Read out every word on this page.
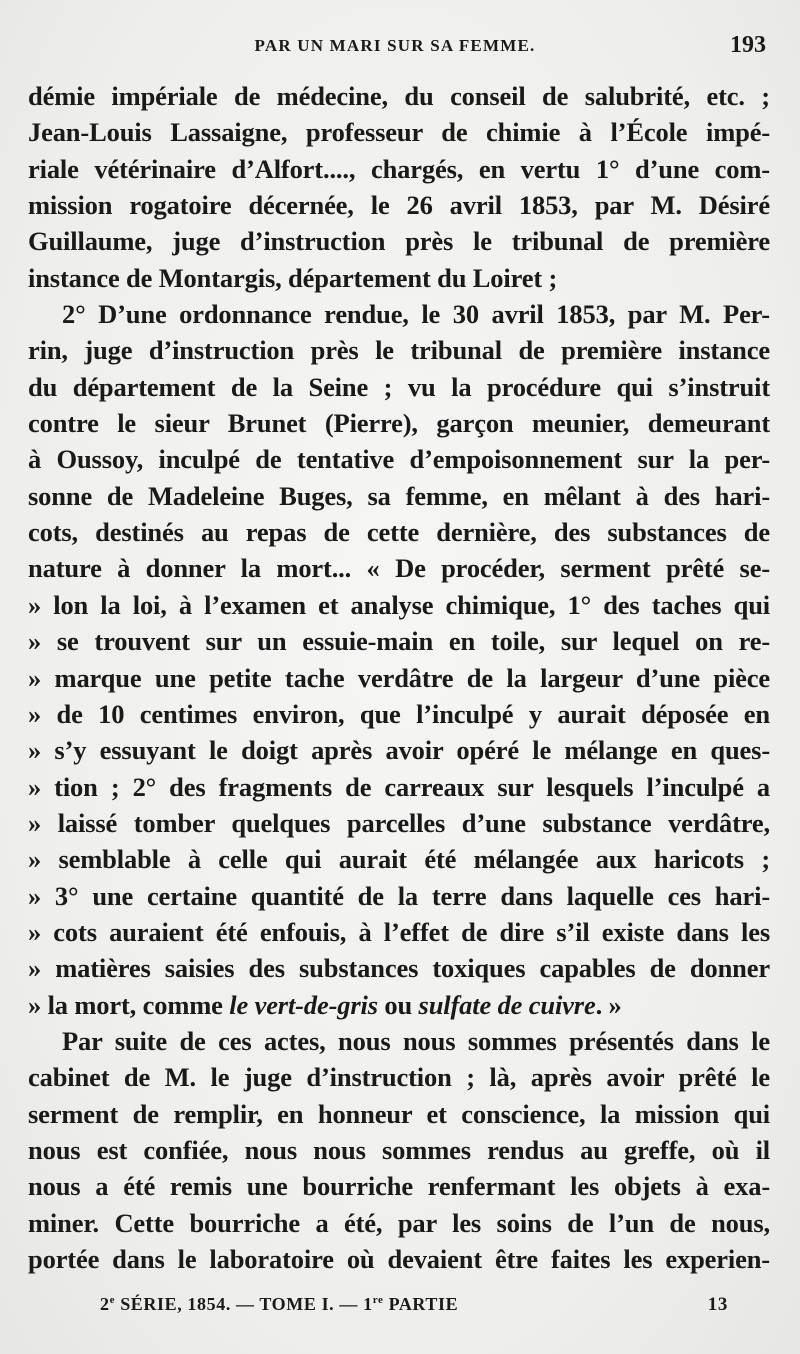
PAR UN MARI SUR SA FEMME.	193
démie impériale de médecine, du conseil de salubrité, etc. ;
Jean-Louis Lassaigne, professeur de chimie à l’École impé-
riale vétérinaire d’Alfort...., chargés, en vertu 1° d’une com-
mission rogatoire décernée, le 26 avril 1853, par M. Désiré
Guillaume, juge d’instruction près le tribunal de première
instance de Montargis, département du Loiret ;
2° D’une ordonnance rendue, le 30 avril 1853, par M. Per-
rin, juge d’instruction près le tribunal de première instance
du département de la Seine ; vu la procédure qui s’instruit
contre le sieur Brunet (Pierre), garçon meunier, demeurant
à Oussoy, inculpé de tentative d’empoisonnement sur la per-
sonne de Madeleine Buges, sa femme, en mêlant à des hari-
cots, destinés au repas de cette dernière, des substances de
nature à donner la mort... « De procéder, serment prêté se-
» lon la loi, à l’examen et analyse chimique, 1° des taches qui
» se trouvent sur un essuie-main en toile, sur lequel on re-
» marque une petite tache verdâtre de la largeur d’une pièce
» de 10 centimes environ, que l’inculpé y aurait déposée en
» s’y essuyant le doigt après avoir opéré le mélange en ques-
» tion ; 2° des fragments de carreaux sur lesquels l’inculpé a
» laissé tomber quelques parcelles d’une substance verdâtre,
» semblable à celle qui aurait été mélangée aux haricots ;
» 3° une certaine quantité de la terre dans laquelle ces hari-
» cots auraient été enfouis, à l’effet de dire s’il existe dans les
» matières saisies des substances toxiques capables de donner
» la mort, comme le vert-de-gris ou sulfate de cuivre. »
Par suite de ces actes, nous nous sommes présentés dans le
cabinet de M. le juge d’instruction ; là, après avoir prêté le
serment de remplir, en honneur et conscience, la mission qui
nous est confiée, nous nous sommes rendus au greffe, où il
nous a été remis une bourriche renfermant les objets à exa-
miner. Cette bourriche a été, par les soins de l’un de nous,
portée dans le laboratoire où devaient être faites les experien-
2e SÉRIE, 1854. — TOME I. — 1re PARTIE	13
